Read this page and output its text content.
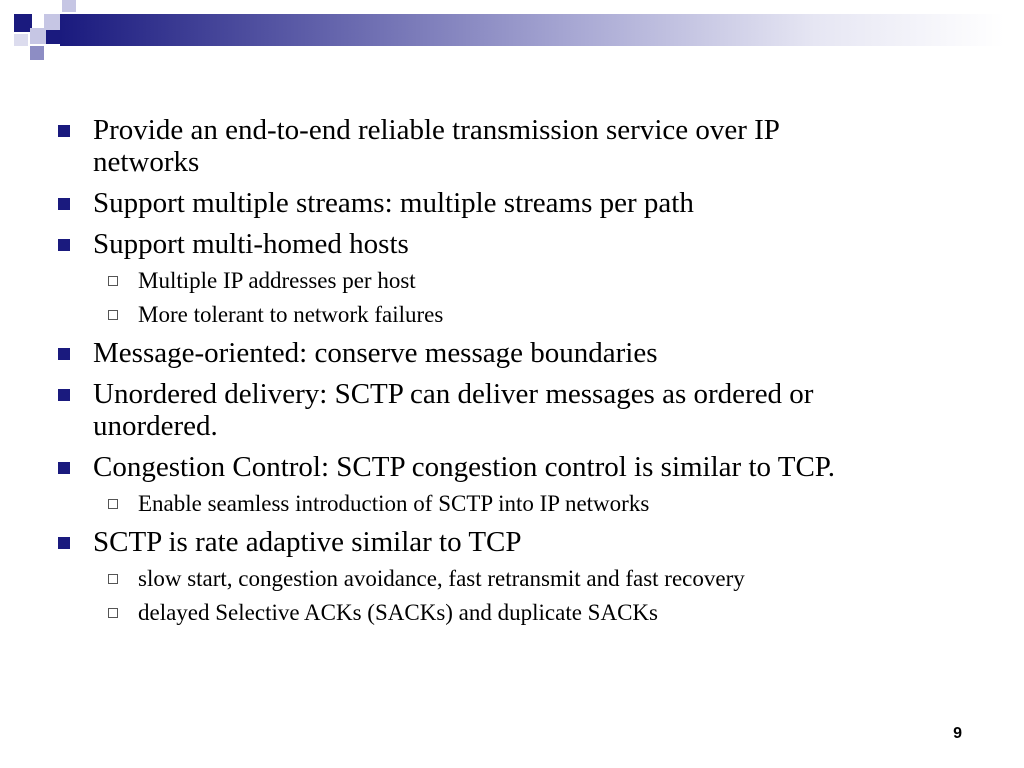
Provide an end-to-end reliable transmission service over IP
networks
Support multiple streams: multiple streams per path
Support multi-homed hosts
Multiple IP addresses per host
More tolerant to network failures
Message-oriented: conserve message boundaries
Unordered delivery: SCTP can deliver messages as ordered or
unordered.
Congestion Control: SCTP congestion control is similar to TCP.
Enable seamless introduction of SCTP into IP networks
SCTP is rate adaptive similar to TCP
slow start, congestion avoidance, fast retransmit and fast recovery
delayed Selective ACKs (SACKs) and duplicate SACKs
9
